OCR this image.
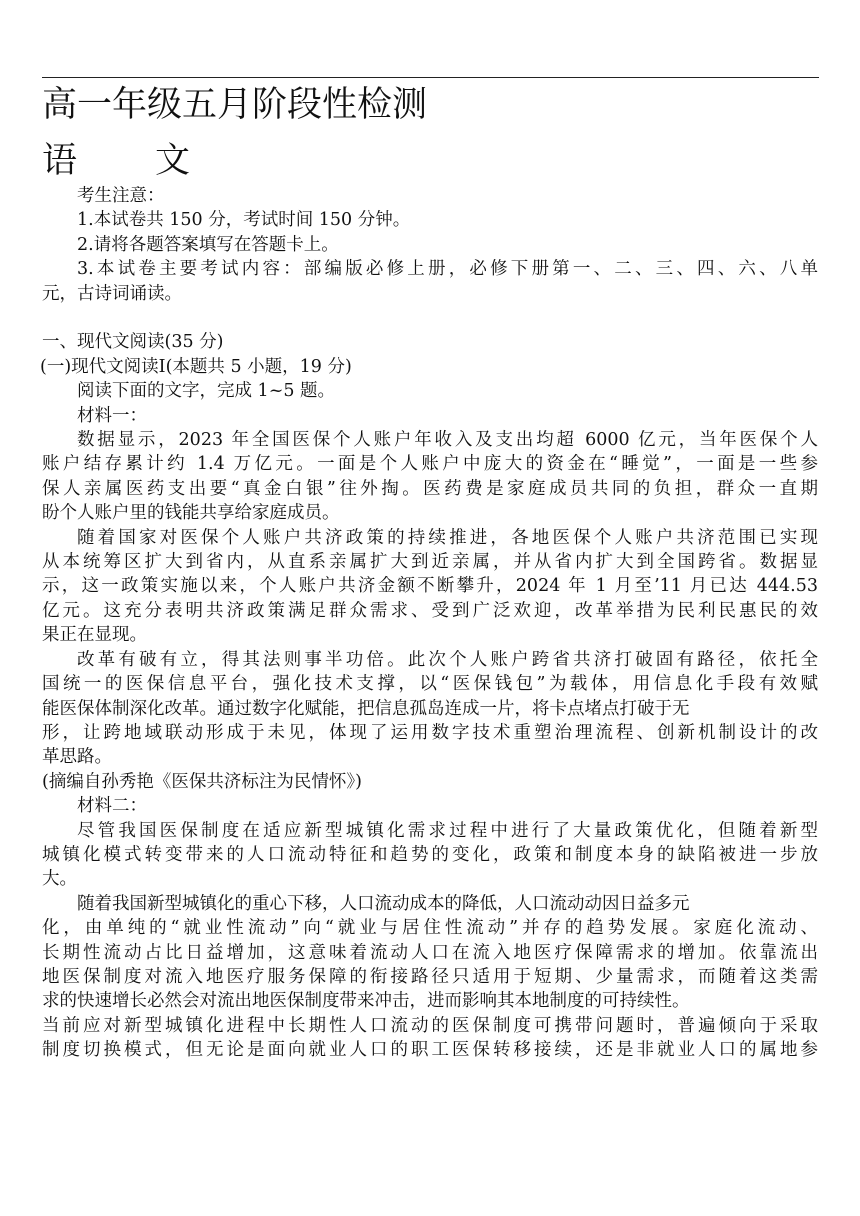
高一年级五月阶段性检测
语 文

考生注意：

1.本试卷共 150 分，考试时间 150 分钟。

2.请将各题答案填写在答题卡上。

3.本试卷主要考试内容：部编版必修上册，必修下册第一、二、三、四、六、八单

元，古诗词诵读。

一、现代文阅读(35 分)

(一)现代文阅读Ⅰ(本题共 5 小题，19 分)

阅读下面的文字，完成 1~5 题。

材料一：

数据显示，2023 年全国医保个人账户年收入及支出均超 6000 亿元，当年医保个人
账户结存累计约 1.4 万亿元。一面是个人账户中庞大的资金在“睡觉”，一面是一些参
保人亲属医药支出要“真金白银”往外掏。医药费是家庭成员共同的负担，群众一直期
盼个人账户里的钱能共享给家庭成员。

随着国家对医保个人账户共济政策的持续推进，各地医保个人账户共济范围已实现
从本统筹区扩大到省内，从直系亲属扩大到近亲属，并从省内扩大到全国跨省。数据显
示，这一政策实施以来，个人账户共济金额不断攀升，2024 年 1 月至’11 月已达 444.53
亿元。这充分表明共济政策满足群众需求、受到广泛欢迎，改革举措为民利民惠民的效
果正在显现。

改革有破有立，得其法则事半功倍。此次个人账户跨省共济打破固有路径，依托全
国统一的医保信息平台，强化技术支撑，以“医保钱包”为载体，用信息化手段有效赋
能医保体制深化改革。通过数字化赋能，把信息孤岛连成一片，将卡点堵点打破于无
形，让跨地域联动形成于未见，体现了运用数字技术重塑治理流程、创新机制设计的改
革思路。

(摘编自孙秀艳《医保共济标注为民情怀》)

材料二：

尽管我国医保制度在适应新型城镇化需求过程中进行了大量政策优化，但随着新型
城镇化模式转变带来的人口流动特征和趋势的变化，政策和制度本身的缺陷被进一步放
大。

随着我国新型城镇化的重心下移，人口流动成本的降低，人口流动动因日益多元
化，由单纯的“就业性流动”向“就业与居住性流动”并存的趋势发展。家庭化流动、
长期性流动占比日益增加，这意味着流动人口在流入地医疗保障需求的增加。依靠流出
地医保制度对流入地医疗服务保障的衔接路径只适用于短期、少量需求，而随着这类需
求的快速增长必然会对流出地医保制度带来冲击，进而影响其本地制度的可持续性。

当前应对新型城镇化进程中长期性人口流动的医保制度可携带问题时，普遍倾向于采取
制度切换模式，但无论是面向就业人口的职工医保转移接续，还是非就业人口的属地参
